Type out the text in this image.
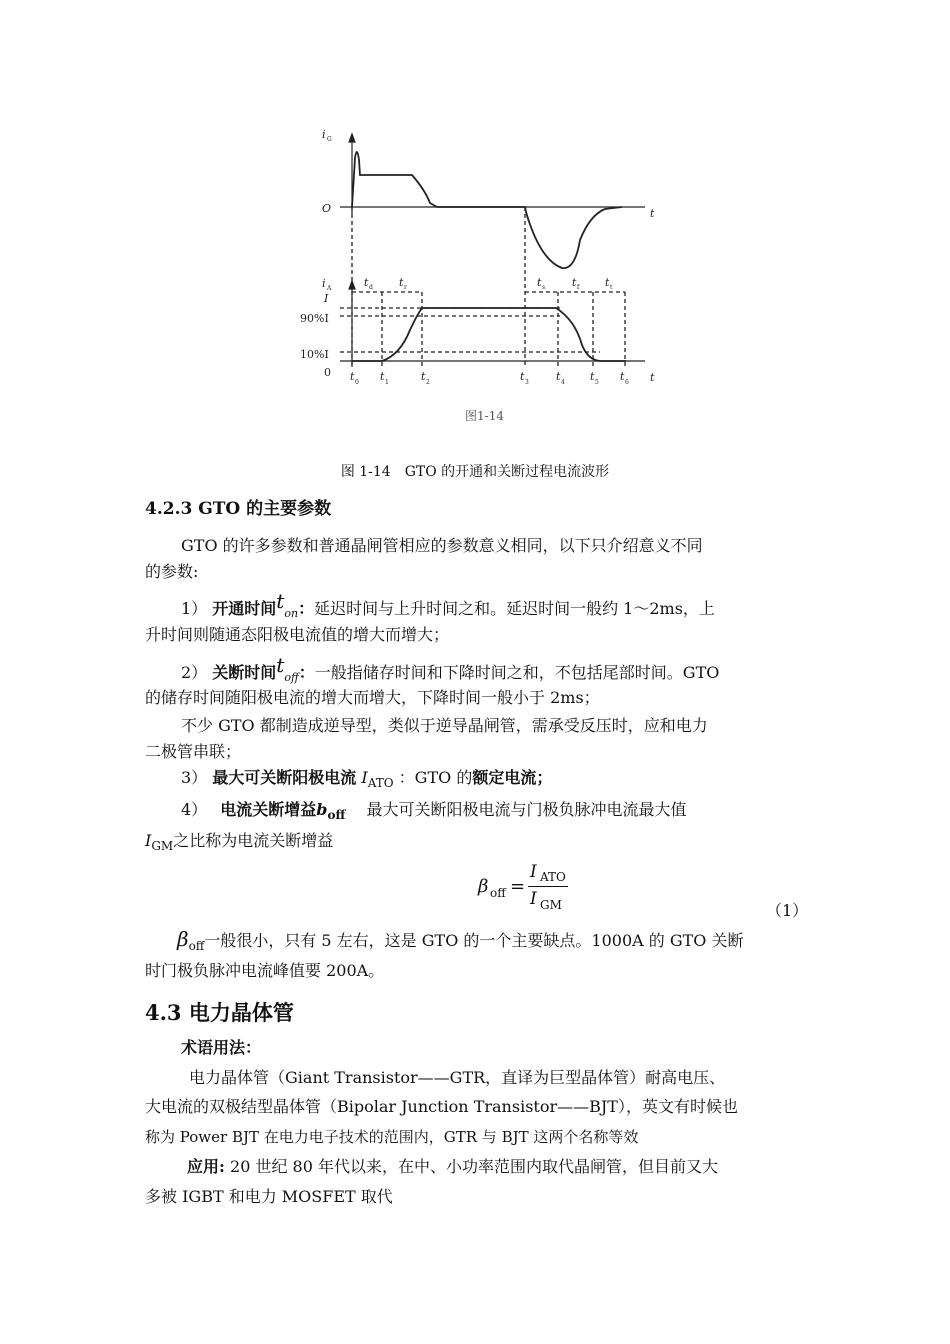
i G
O	t
i A
I
90%I
10%I
0	t
t t	t	t	t	t t
0	1	2	3	4	5	6
t	t	t	t	t
d	r	s	f	t
图1-14
图 1-14　GTO 的开通和关断过程电流波形
4.2.3 GTO 的主要参数
GTO 的许多参数和普通晶闸管相应的参数意义相同，以下只介绍意义不同
的参数:
1） 开通时间ton：延迟时间与上升时间之和。延迟时间一般约 1～2ms，上
升时间则随通态阳极电流值的增大而增大；
2） 关断时间toff：一般指储存时间和下降时间之和，不包括尾部时间。GTO
的储存时间随阳极电流的增大而增大，下降时间一般小于 2ms；
不少 GTO 都制造成逆导型，类似于逆导晶闸管，需承受反压时，应和电力
二极管串联；
3） 最大可关断阳极电流 $I_{ATO}$ ：GTO 的额定电流；
4）　 电流关断增益$b_{off}$　 最大可关断阳极电流与门极负脉冲电流最大值
$I_{GM}$之比称为电流关断增益
β off =
I ATO
I GM	（1）
$\beta_{off}$一般很小，只有 5 左右，这是 GTO 的一个主要缺点。1000A 的 GTO 关断
时门极负脉冲电流峰值要 200A。
4.3 电力晶体管
术语用法：
电力晶体管（Giant Transistor——GTR，直译为巨型晶体管）耐高电压、
大电流的双极结型晶体管（Bipolar Junction Transistor——BJT），英文有时候也
称为 Power BJT 在电力电子技术的范围内，GTR 与 BJT 这两个名称等效
应用: 20 世纪 80 年代以来，在中、小功率范围内取代晶闸管，但目前又大
多被 IGBT 和电力 MOSFET 取代
